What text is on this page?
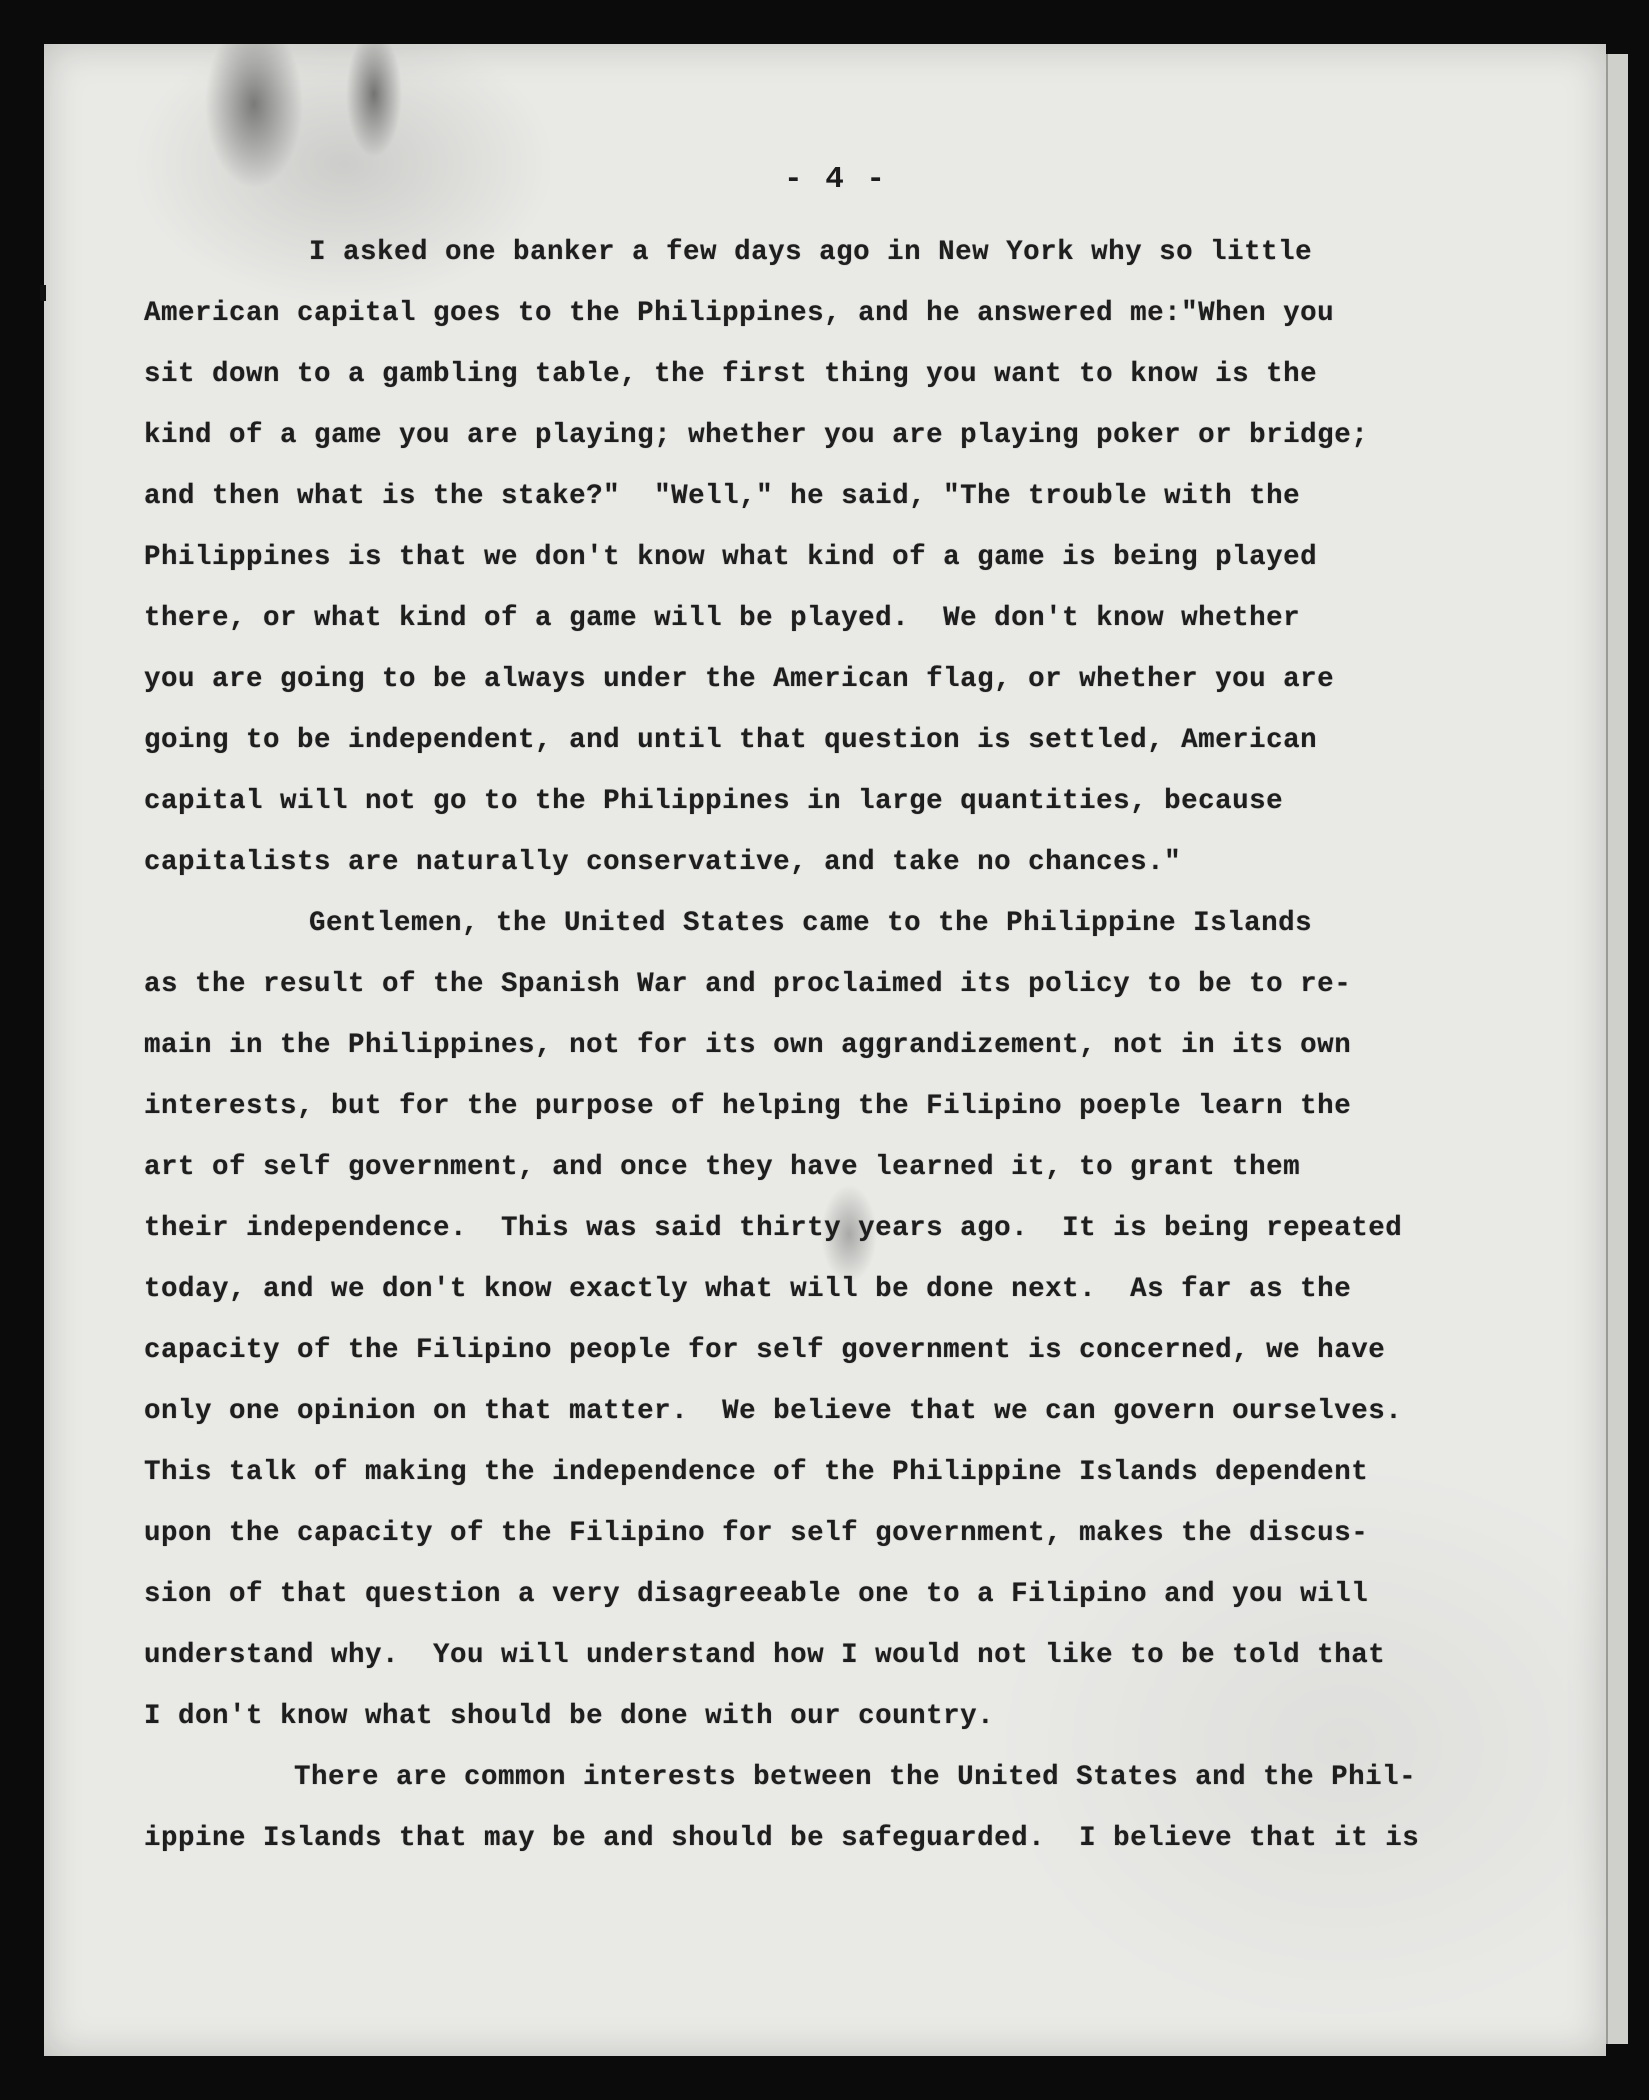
- 4 -
I asked one banker a few days ago in New York why so little
American capital goes to the Philippines, and he answered me:"When you
sit down to a gambling table, the first thing you want to know is the
kind of a game you are playing; whether you are playing poker or bridge;
and then what is the stake?"  "Well," he said, "The trouble with the
Philippines is that we don't know what kind of a game is being played
there, or what kind of a game will be played.  We don't know whether
you are going to be always under the American flag, or whether you are
going to be independent, and until that question is settled, American
capital will not go to the Philippines in large quantities, because
capitalists are naturally conservative, and take no chances."
Gentlemen, the United States came to the Philippine Islands
as the result of the Spanish War and proclaimed its policy to be to re-
main in the Philippines, not for its own aggrandizement, not in its own
interests, but for the purpose of helping the Filipino poeple learn the
art of self government, and once they have learned it, to grant them
their independence.  This was said thirty years ago.  It is being repeated
today, and we don't know exactly what will be done next.  As far as the
capacity of the Filipino people for self government is concerned, we have
only one opinion on that matter.  We believe that we can govern ourselves.
This talk of making the independence of the Philippine Islands dependent
upon the capacity of the Filipino for self government, makes the discus-
sion of that question a very disagreeable one to a Filipino and you will
understand why.  You will understand how I would not like to be told that
I don't know what should be done with our country.
There are common interests between the United States and the Phil-
ippine Islands that may be and should be safeguarded.  I believe that it is
